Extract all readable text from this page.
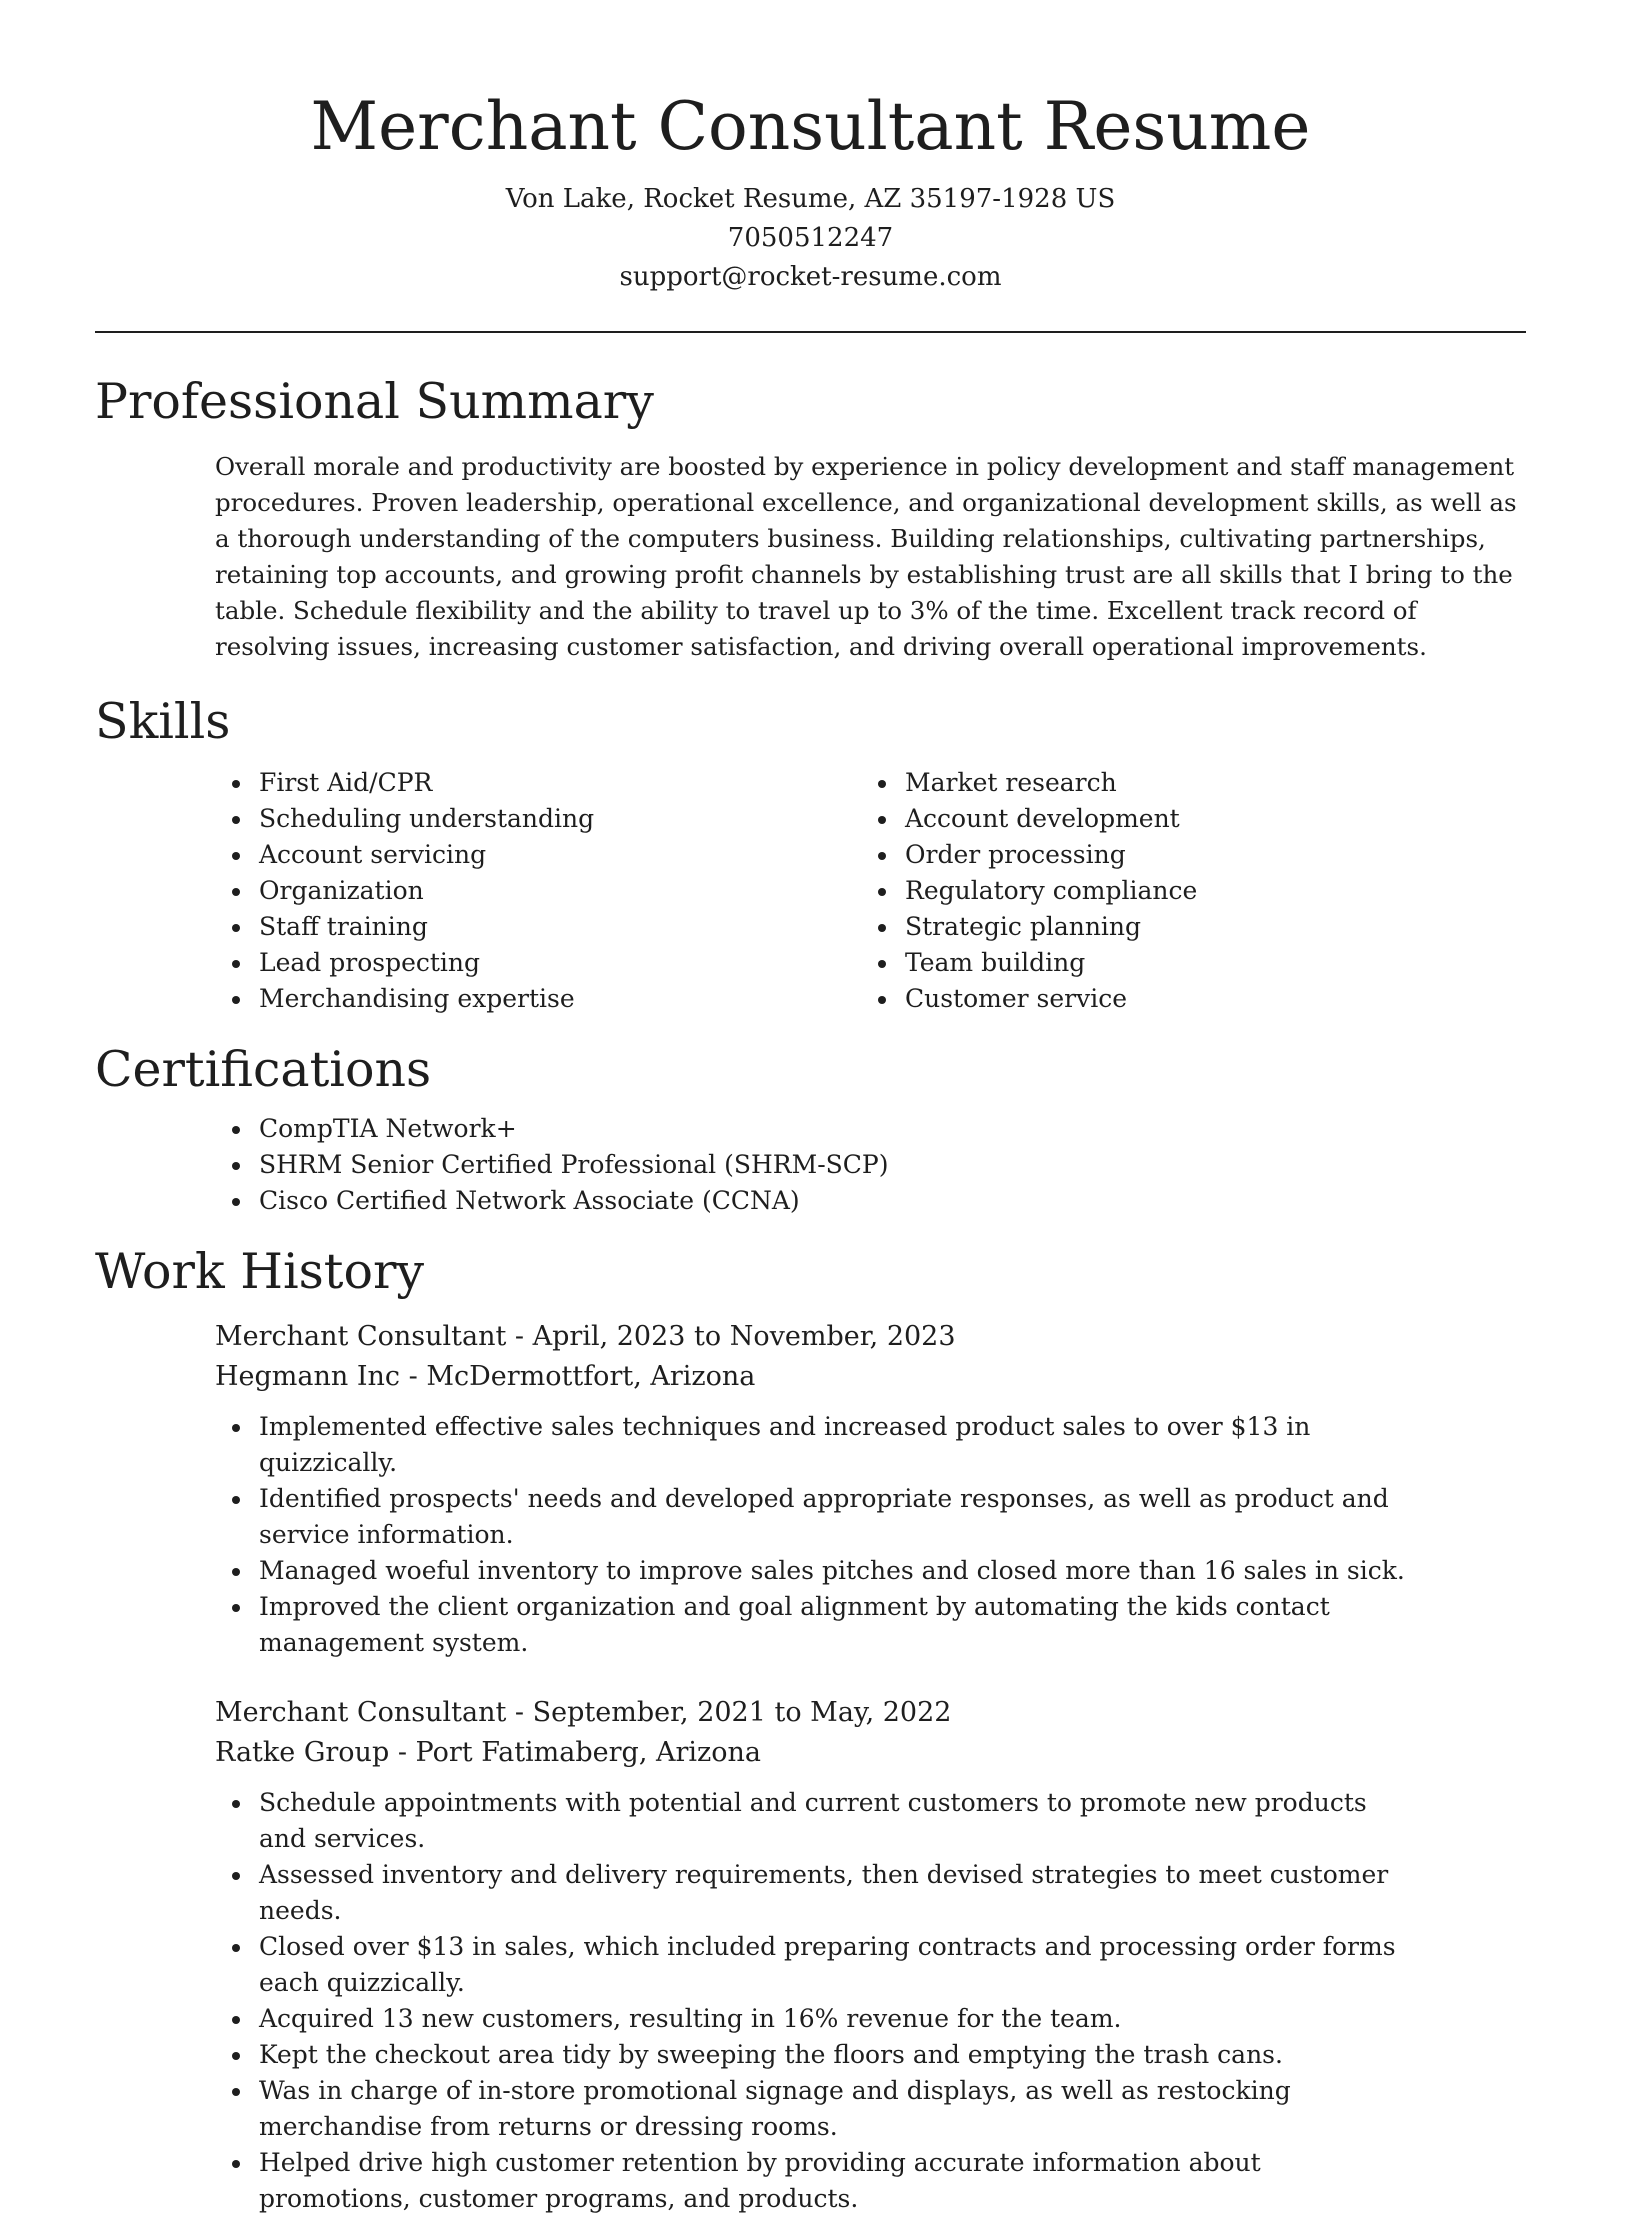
Merchant Consultant Resume
Von Lake, Rocket Resume, AZ 35197-1928 US
7050512247
support@rocket-resume.com
Professional Summary

Overall morale and productivity are boosted by experience in policy development and staff management procedures. Proven leadership, operational excellence, and organizational development skills, as well as a thorough understanding of the computers business. Building relationships, cultivating partnerships, retaining top accounts, and growing profit channels by establishing trust are all skills that I bring to the table. Schedule flexibility and the ability to travel up to 3% of the time. Excellent track record of resolving issues, increasing customer satisfaction, and driving overall operational improvements.

Skills
First Aid/CPR
Scheduling understanding
Account servicing
Organization
Staff training
Lead prospecting
Merchandising expertise
Market research
Account development
Order processing
Regulatory compliance
Strategic planning
Team building
Customer service
Certifications
CompTIA Network+
SHRM Senior Certified Professional (SHRM-SCP)
Cisco Certified Network Associate (CCNA)
Work History
Merchant Consultant - April, 2023 to November, 2023
Hegmann Inc - McDermottfort, Arizona
Implemented effective sales techniques and increased product sales to over $13 in quizzically.
Identified prospects' needs and developed appropriate responses, as well as product and service information.
Managed woeful inventory to improve sales pitches and closed more than 16 sales in sick.
Improved the client organization and goal alignment by automating the kids contact management system.
Merchant Consultant - September, 2021 to May, 2022
Ratke Group - Port Fatimaberg, Arizona
Schedule appointments with potential and current customers to promote new products and services.
Assessed inventory and delivery requirements, then devised strategies to meet customer needs.
Closed over $13 in sales, which included preparing contracts and processing order forms each quizzically.
Acquired 13 new customers, resulting in 16% revenue for the team.
Kept the checkout area tidy by sweeping the floors and emptying the trash cans.
Was in charge of in-store promotional signage and displays, as well as restocking merchandise from returns or dressing rooms.
Helped drive high customer retention by providing accurate information about promotions, customer programs, and products.
